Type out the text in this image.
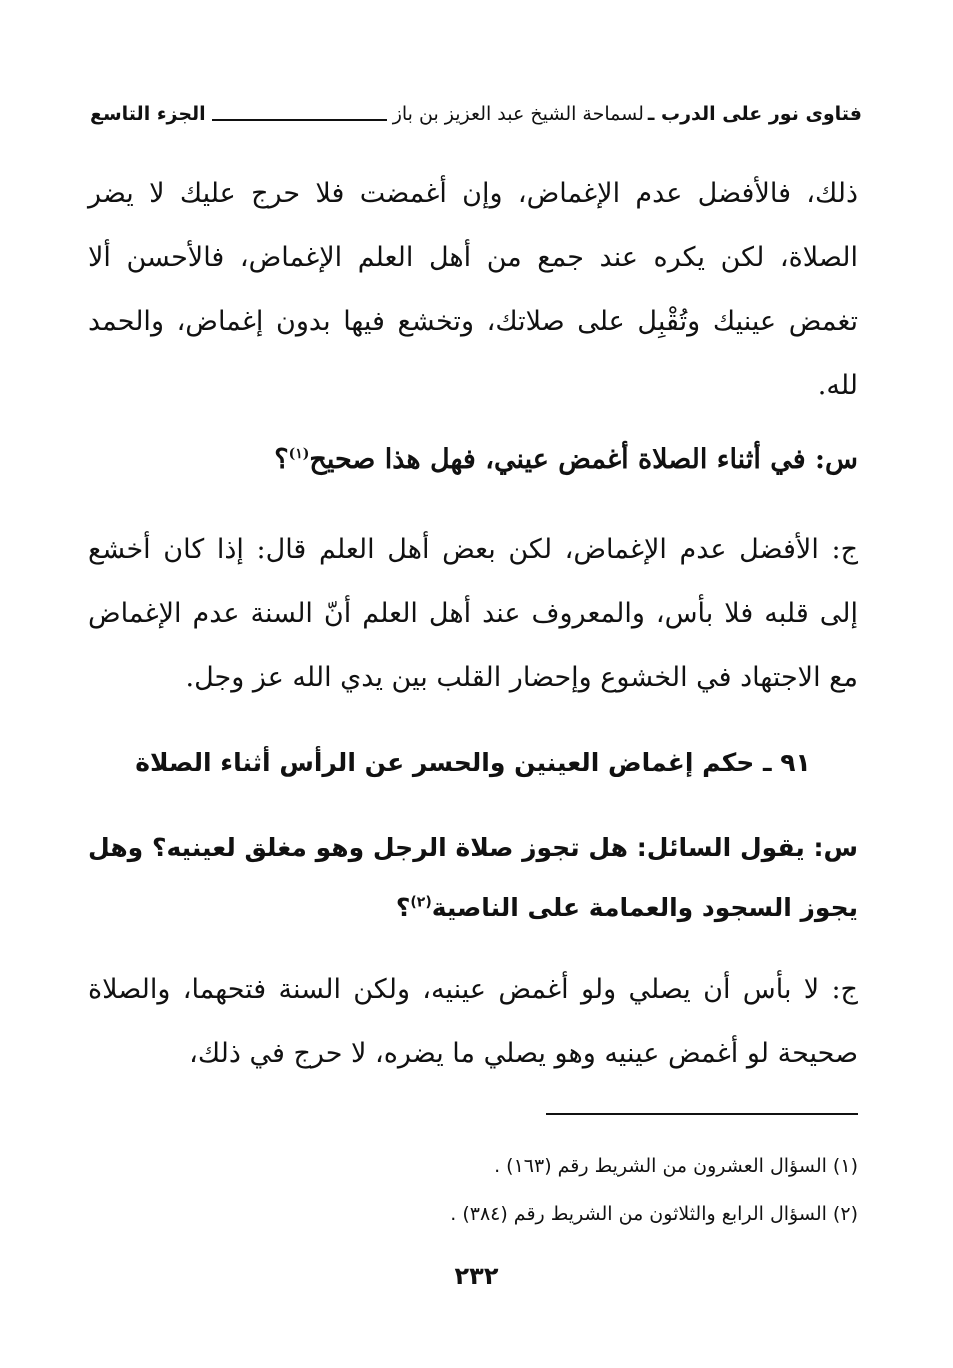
فتاوى نور على الدرب ـ
لسماحة الشيخ عبد العزيز بن باز
الجزء التاسع

ذلك، فالأفضل عدم الإغماض، وإن أغمضت فلا حرج عليك لا يضر الصلاة، لكن يكره عند جمع من أهل العلم الإغماض، فالأحسن ألا تغمض عينيك وتُقْبِل على صلاتك، وتخشع فيها بدون إغماض، والحمد لله.

س: في أثناء الصلاة أغمض عيني، فهل هذا صحيح$^{(١)}$؟

ج: الأفضل عدم الإغماض، لكن بعض أهل العلم قال: إذا كان أخشع إلى قلبه فلا بأس، والمعروف عند أهل العلم أنّ السنة عدم الإغماض مع الاجتهاد في الخشوع وإحضار القلب بين يدي الله عز وجل.

٩١ ـ حكم إغماض العينين والحسر عن الرأس أثناء الصلاة

س: يقول السائل: هل تجوز صلاة الرجل وهو مغلق لعينيه؟ وهل يجوز السجود والعمامة على الناصية$^{(٢)}$؟

ج: لا بأس أن يصلي ولو أغمض عينيه، ولكن السنة فتحهما، والصلاة صحيحة لو أغمض عينيه وهو يصلي ما يضره، لا حرج في ذلك،

(١) السؤال العشرون من الشريط رقم (١٦٣) .
(٢) السؤال الرابع والثلاثون من الشريط رقم (٣٨٤) .
٢٣٢
